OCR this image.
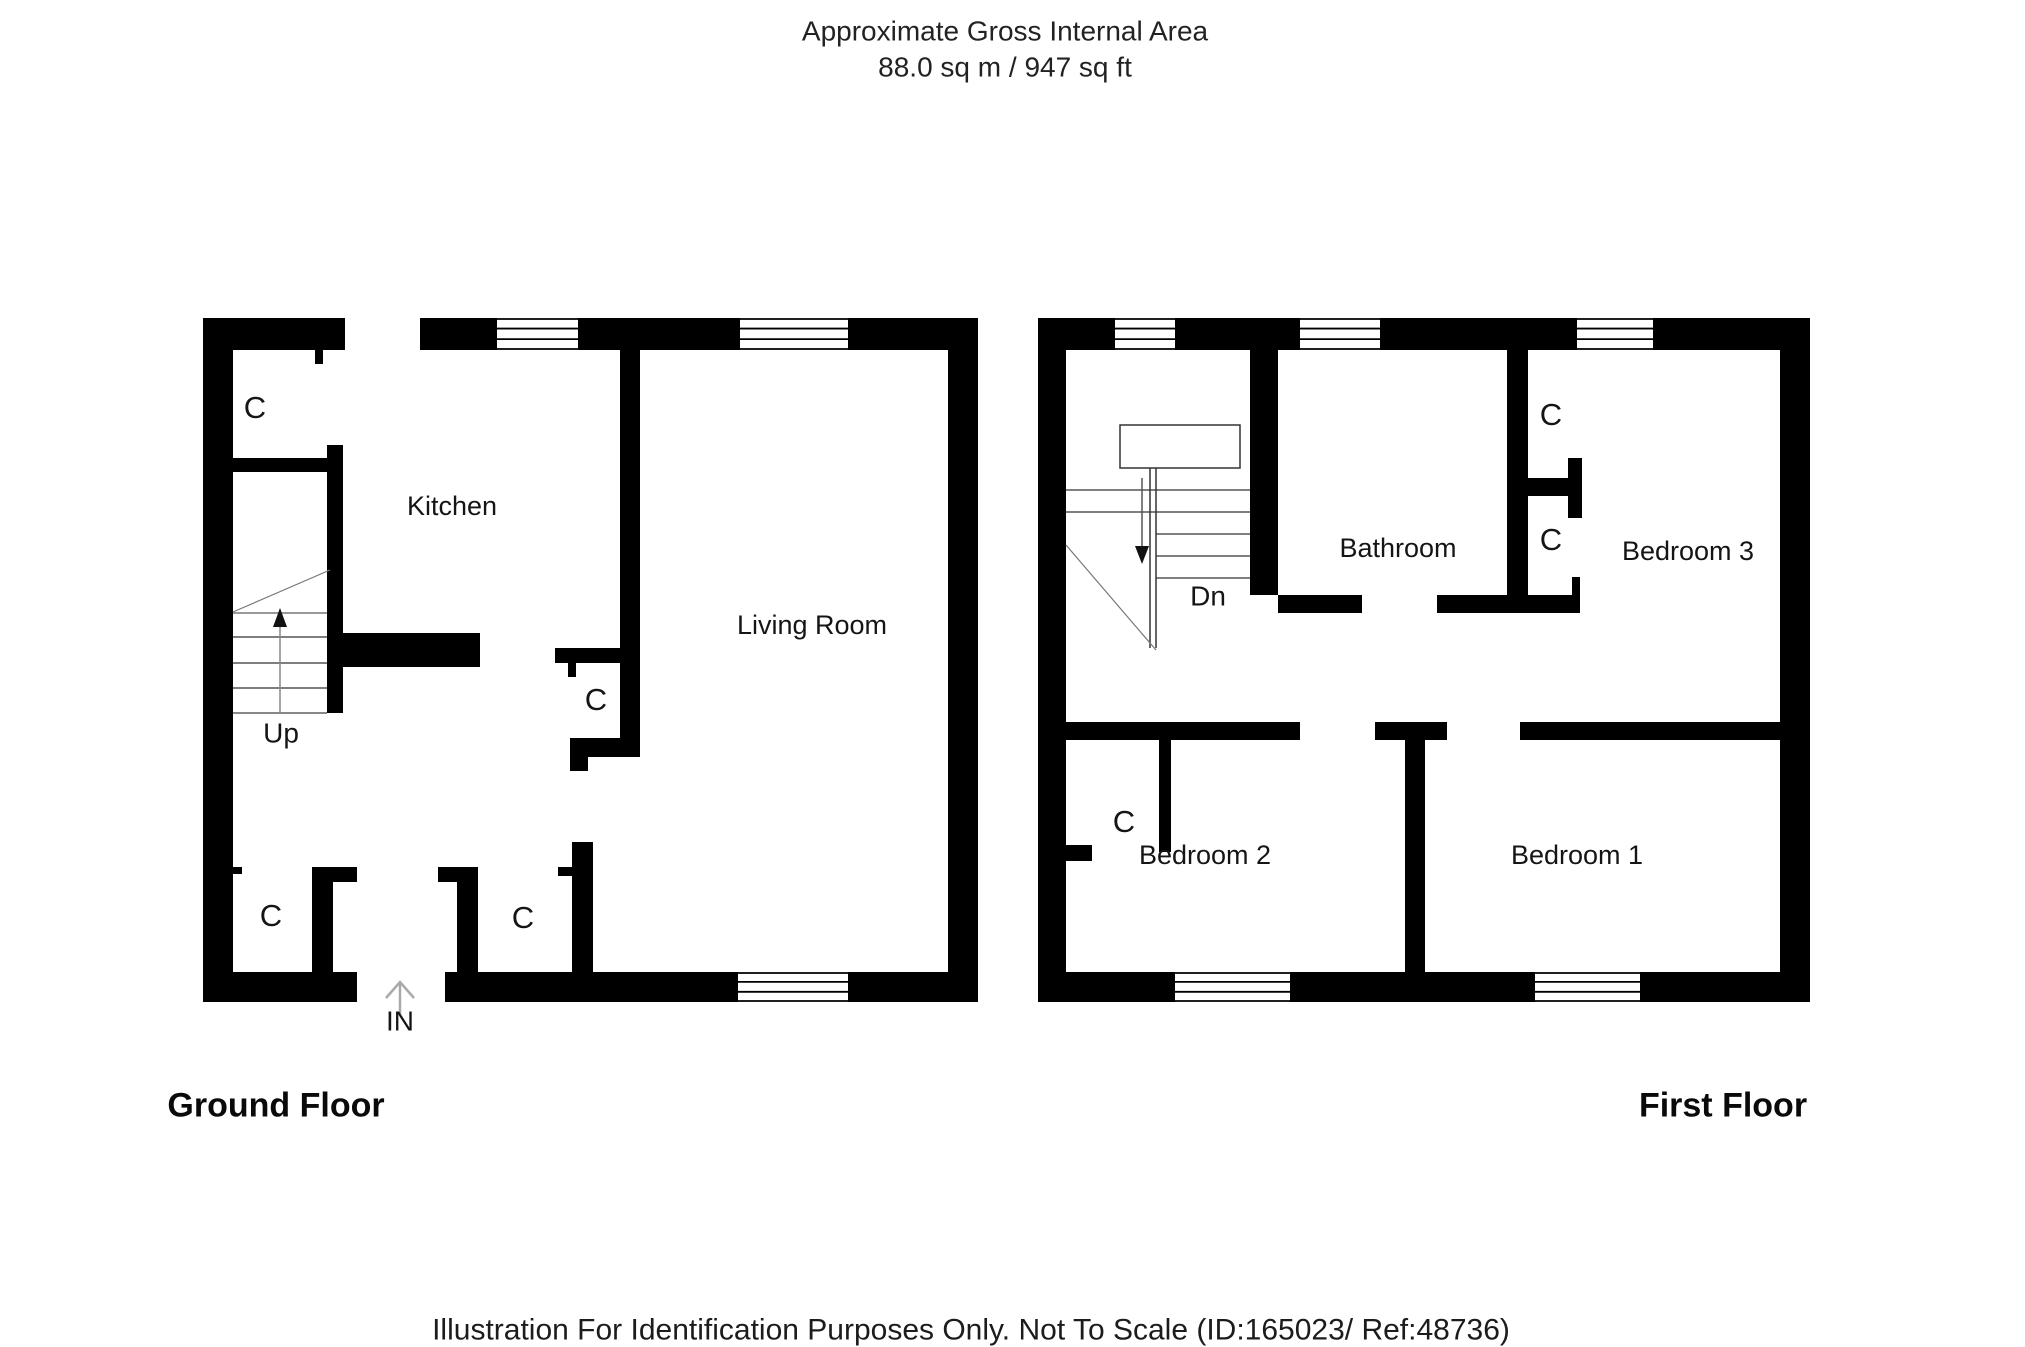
Approximate Gross Internal Area
88.0 sq m / 947 sq ft
C
Kitchen
C
Living Room
Up
C	C
IN
Ground Floor
Bathroom
C
C Bedroom 3
Dn
C
Bedroom 2	Bedroom 1
First Floor
Illustration For Identification Purposes Only. Not To Scale (ID:165023/ Ref:48736)
